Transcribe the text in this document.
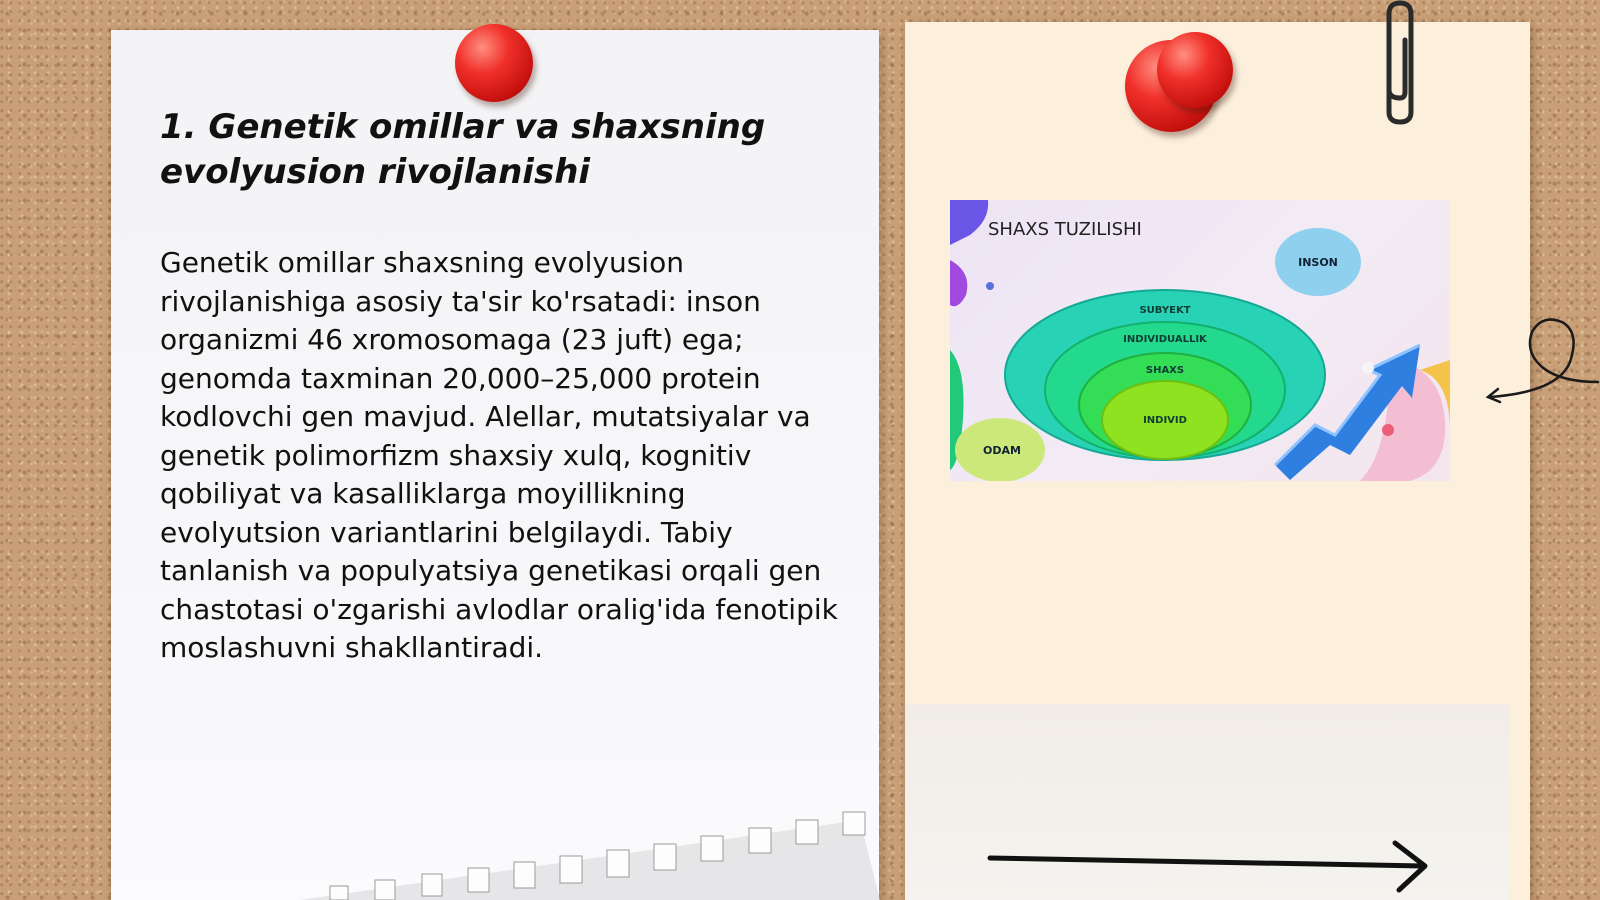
1. Genetik omillar va shaxsning evolyusion rivojlanishi
Genetik omillar shaxsning evolyusion rivojlanishiga asosiy ta'sir ko'rsatadi: inson organizmi 46 xromosomaga (23 juft) ega; genomda taxminan 20,000–25,000 protein kodlovchi gen mavjud. Alellar, mutatsiyalar va genetik polimorfizm shaxsiy xulq, kognitiv qobiliyat va kasalliklarga moyillikning evolyutsion variantlarini belgilaydi. Tabiy tanlanish va populyatsiya genetikasi orqali gen chastotasi o'zgarishi avlodlar oralig'ida fenotipik moslashuvni shakllantiradi.
SHAXS TUZILISHI
INSON
ODAM
SUBYEKT
INDIVIDUALLIK
SHAXS
INDIVID
